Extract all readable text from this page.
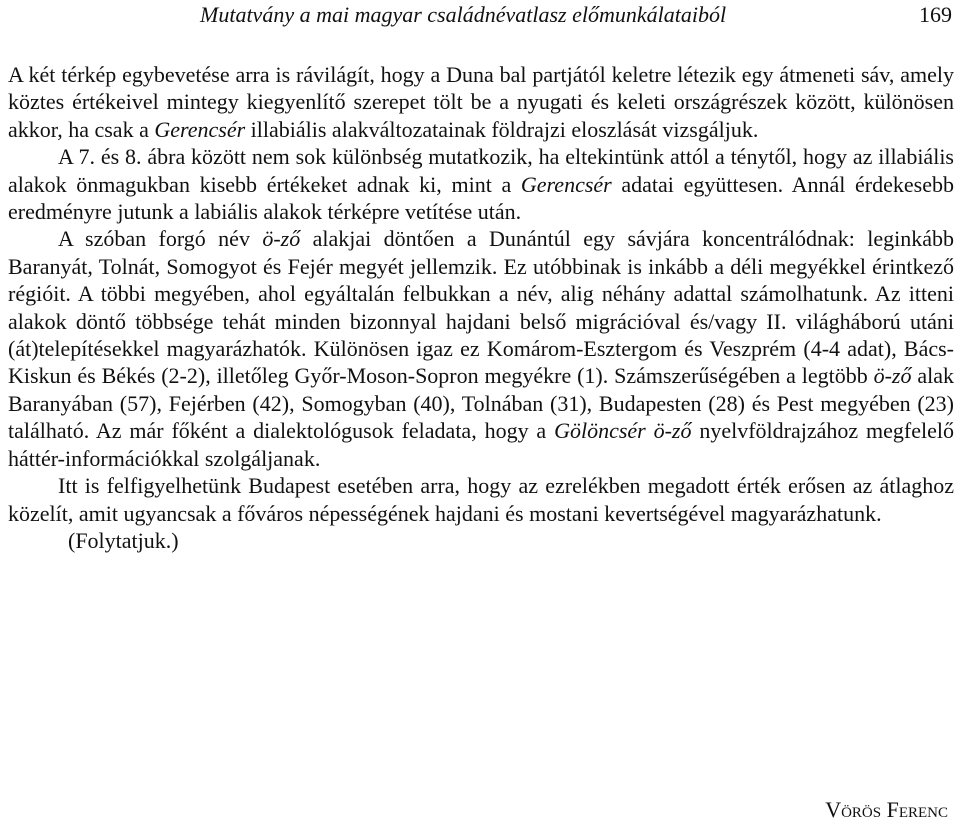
Mutatvány a mai magyar családnévatlasz előmunkálataiból	169

A két térkép egybevetése arra is rávilágít, hogy a Duna bal partjától keletre létezik egy átmeneti sáv, amely köztes értékeivel mintegy kiegyenlítő szerepet tölt be a nyugati és keleti országrészek között, különösen akkor, ha csak a Gerencsér illabiális alakváltozatainak földrajzi eloszlását vizsgáljuk.

A 7. és 8. ábra között nem sok különbség mutatkozik, ha eltekintünk attól a ténytől, hogy az illabiális alakok önmagukban kisebb értékeket adnak ki, mint a Gerencsér adatai együttesen. Annál érdekesebb eredményre jutunk a labiális alakok térképre vetítése után.

A szóban forgó név ö-ző alakjai döntően a Dunántúl egy sávjára koncentrálódnak: leginkább Baranyát, Tolnát, Somogyot és Fejér megyét jellemzik. Ez utóbbinak is inkább a déli megyékkel érintkező régióit. A többi megyében, ahol egyáltalán felbukkan a név, alig néhány adattal számolhatunk. Az itteni alakok döntő többsége tehát minden bizonnyal hajdani belső migrációval és/vagy II. világháború utáni (át)telepítésekkel magyarázhatók. Különösen igaz ez Komárom-Esztergom és Veszprém (4-4 adat), Bács-Kiskun és Békés (2-2), illetőleg Győr-Moson-Sopron megyékre (1). Számszerűségében a legtöbb ö-ző alak Baranyában (57), Fejérben (42), Somogyban (40), Tolnában (31), Budapesten (28) és Pest megyében (23) található. Az már főként a dialektológusok feladata, hogy a Gölöncsér ö-ző nyelvföldrajzához megfelelő háttér-információkkal szolgáljanak.

Itt is felfigyelhetünk Budapest esetében arra, hogy az ezrelékben megadott érték erősen az átlaghoz közelít, amit ugyancsak a főváros népességének hajdani és mostani kevertségével magyarázhatunk.

(Folytatjuk.)

Vörös Ferenc
